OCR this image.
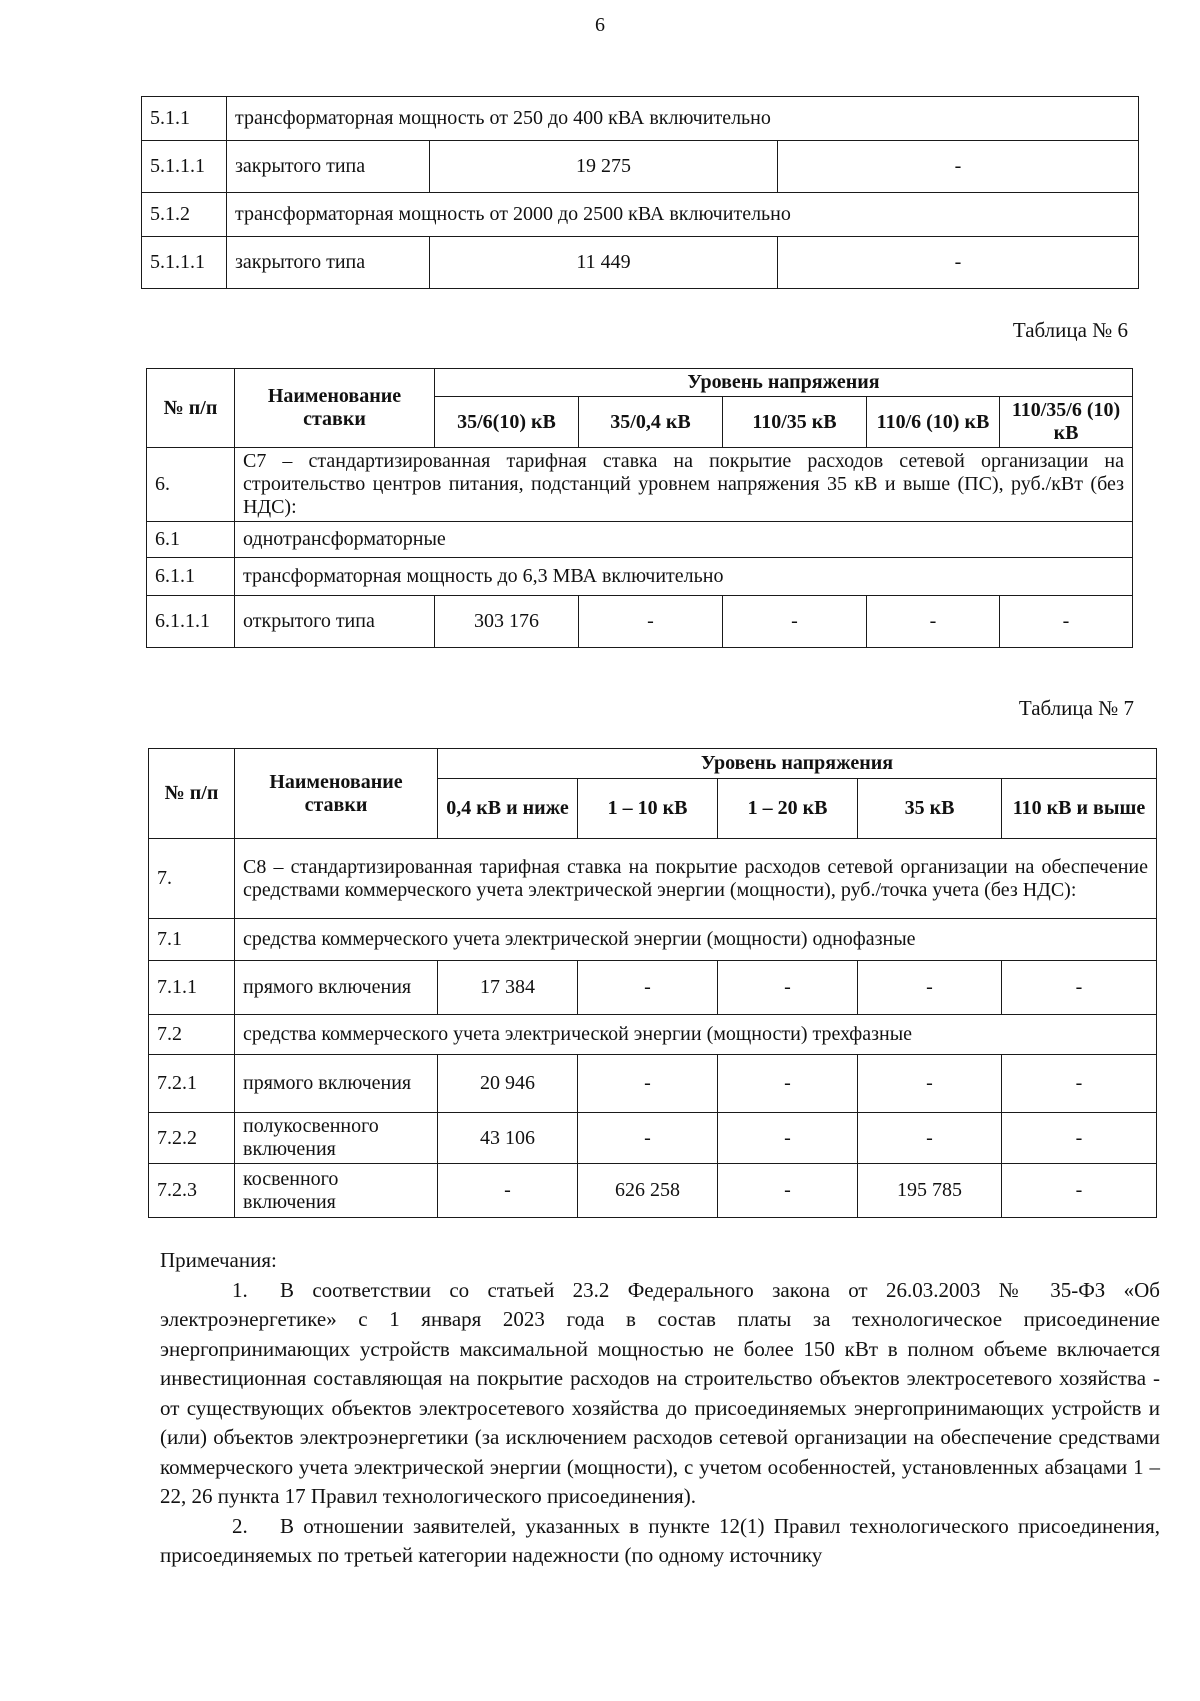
6
5.1.1	трансформаторная мощность от 250 до 400 кВА включительно		
5.1.1.1	закрытого типа	19 275	-
5.1.2	трансформаторная мощность от 2000 до 2500 кВА включительно		
5.1.1.1	закрытого типа	11 449	-
Таблица № 6
№ п/п	Наименование ставки	Уровень напряжения				
		35/6(10) кВ	35/0,4 кВ	110/35 кВ	110/6 (10) кВ	110/35/6 (10) кВ
6.	С7 – стандартизированная тарифная ставка на покрытие расходов сетевой организации на строительство центров питания, подстанций уровнем напряжения 35 кВ и выше (ПС), руб./кВт (без НДС):					
6.1	однотрансформаторные					
6.1.1	трансформаторная мощность до 6,3 МВА включительно					
6.1.1.1	открытого типа	303 176	-	-	-	-
Таблица № 7
№ п/п	Наименование ставки	Уровень напряжения				
		0,4 кВ и ниже	1 – 10 кВ	1 – 20 кВ	35 кВ	110 кВ и выше
7.	С8 – стандартизированная тарифная ставка на покрытие расходов сетевой организации на обеспечение средствами коммерческого учета электрической энергии (мощности), руб./точка учета (без НДС):					
7.1	средства коммерческого учета электрической энергии (мощности) однофазные					
7.1.1	прямого включения	17 384	-	-	-	-
7.2	средства коммерческого учета электрической энергии (мощности) трехфазные					
7.2.1	прямого включения	20 946	-	-	-	-
7.2.2	полукосвенного включения	43 106	-	-	-	-
7.2.3	косвенного включения	-	626 258	-	195 785	-

Примечания:

1. В соответствии со статьей 23.2 Федерального закона от 26.03.2003 № 35-ФЗ «Об электроэнергетике» с 1 января 2023 года в состав платы за технологическое присоединение энергопринимающих устройств максимальной мощностью не более 150 кВт в полном объеме включается инвестиционная составляющая на покрытие расходов на строительство объектов электросетевого хозяйства - от существующих объектов электросетевого хозяйства до присоединяемых энергопринимающих устройств и (или) объектов электроэнергетики (за исключением расходов сетевой организации на обеспечение средствами коммерческого учета электрической энергии (мощности), с учетом особенностей, установленных абзацами 1 – 22, 26 пункта 17 Правил технологического присоединения).

2. В отношении заявителей, указанных в пункте 12(1) Правил технологического присоединения, присоединяемых по третьей категории надежности (по одному источнику
